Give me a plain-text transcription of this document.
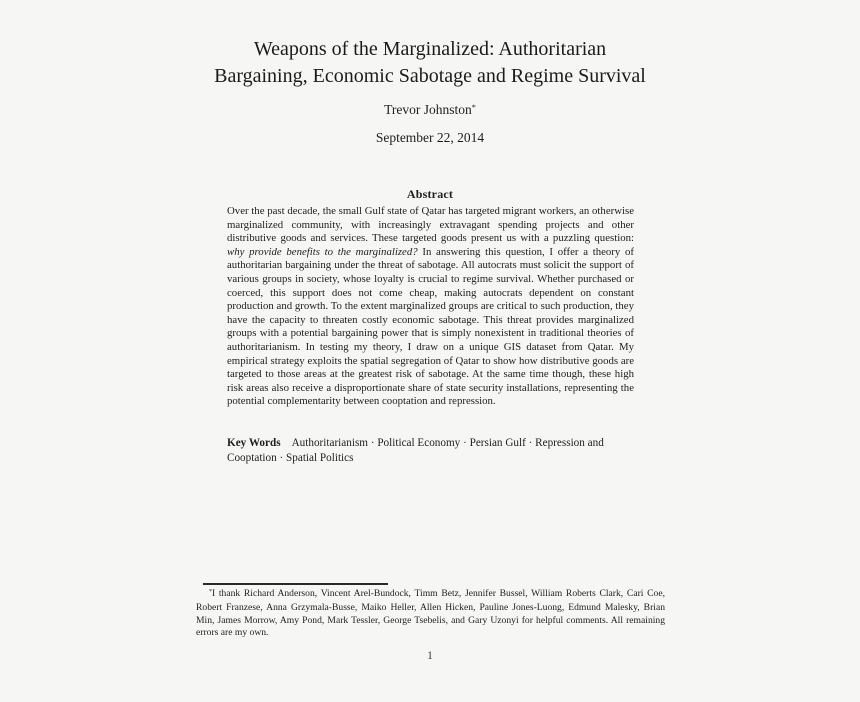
Weapons of the Marginalized: Authoritarian
Bargaining, Economic Sabotage and Regime Survival
Trevor Johnston*
September 22, 2014
Abstract

Over the past decade, the small Gulf state of Qatar has targeted migrant workers, an otherwise marginalized community, with increasingly extravagant spending projects and other distributive goods and services. These targeted goods present us with a puzzling question: why provide benefits to the marginalized? In answering this question, I offer a theory of authoritarian bargaining under the threat of sabotage. All autocrats must solicit the support of various groups in society, whose loyalty is crucial to regime survival. Whether purchased or coerced, this support does not come cheap, making autocrats dependent on constant production and growth. To the extent marginalized groups are critical to such production, they have the capacity to threaten costly economic sabotage. This threat provides marginalized groups with a potential bargaining power that is simply nonexistent in traditional theories of authoritarianism. In testing my theory, I draw on a unique GIS dataset from Qatar. My empirical strategy exploits the spatial segregation of Qatar to show how distributive goods are targeted to those areas at the greatest risk of sabotage. At the same time though, these high risk areas also receive a disproportionate share of state security installations, representing the potential complementarity between cooptation and repression.

Key Words Authoritarianism · Political Economy · Persian Gulf · Repression and Cooptation · Spatial Politics

*I thank Richard Anderson, Vincent Arel-Bundock, Timm Betz, Jennifer Bussel, William Roberts Clark, Cari Coe, Robert Franzese, Anna Grzymala-Busse, Maiko Heller, Allen Hicken, Pauline Jones-Luong, Edmund Malesky, Brian Min, James Morrow, Amy Pond, Mark Tessler, George Tsebelis, and Gary Uzonyi for helpful comments. All remaining errors are my own.

1
